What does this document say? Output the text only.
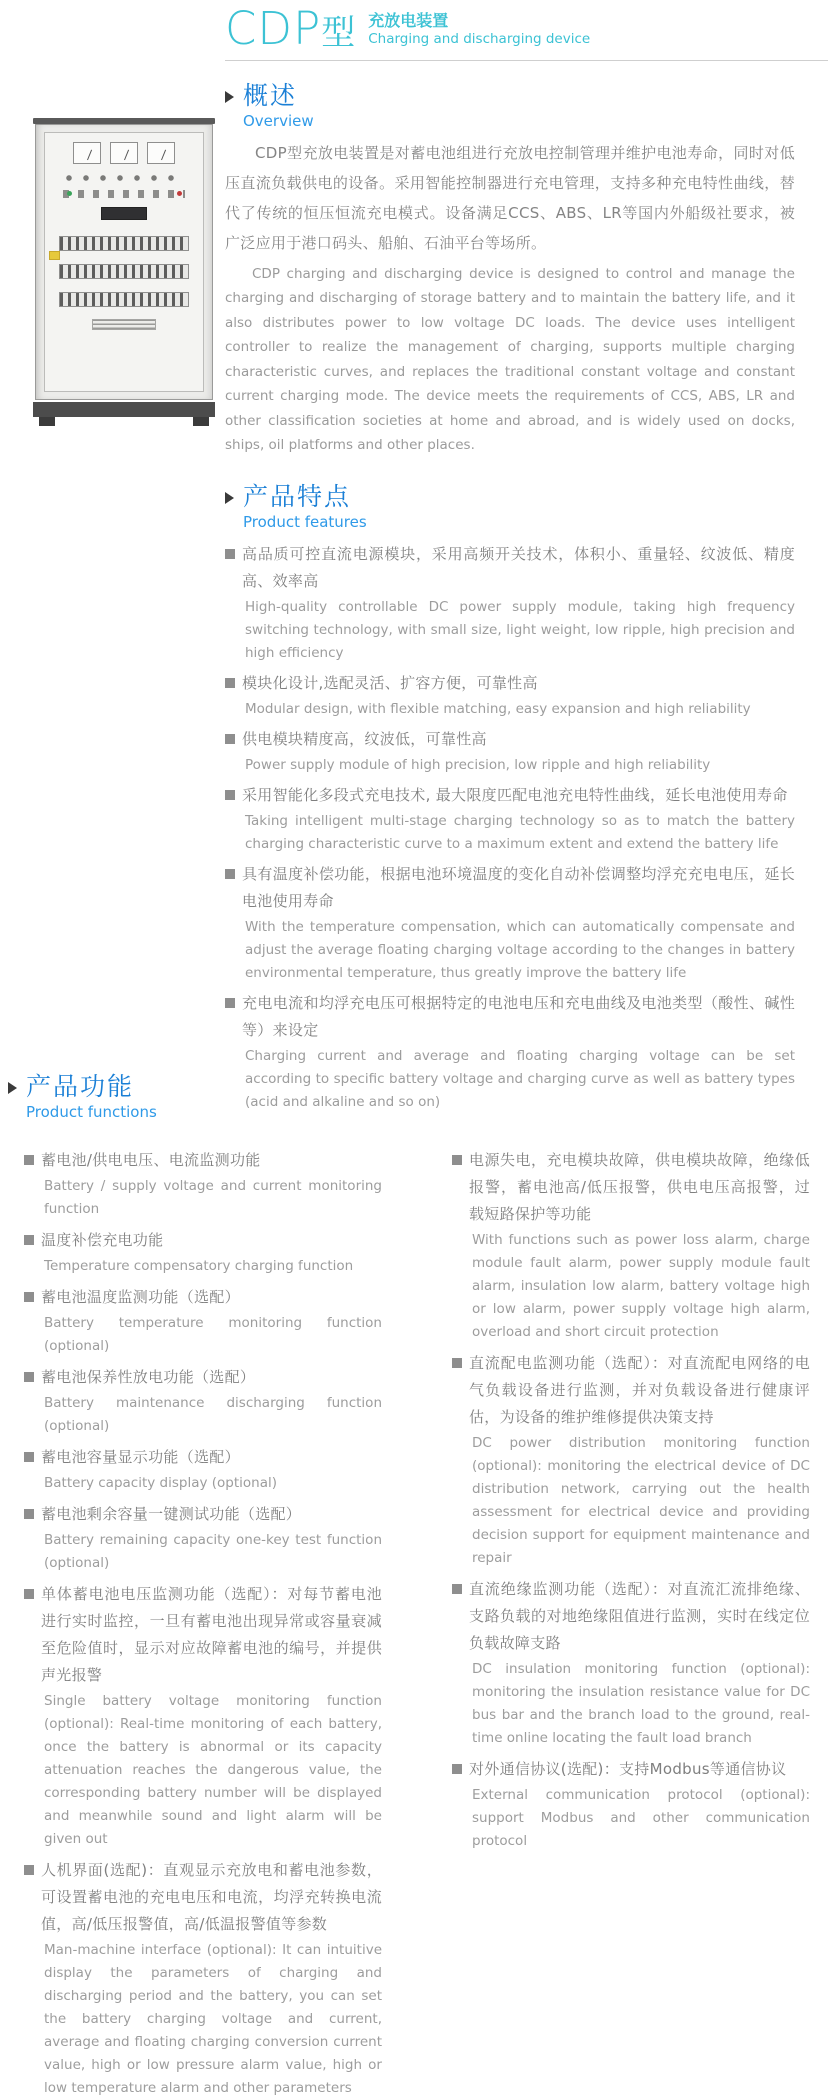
CDP型 充放电装置
Charging and discharging device
概述
Overview

CDP型充放电装置是对蓄电池组进行充放电控制管理并维护电池寿命，同时对低压直流负载供电的设备。采用智能控制器进行充电管理，支持多种充电特性曲线，替代了传统的恒压恒流充电模式。设备满足CCS、ABS、LR等国内外船级社要求，被广泛应用于港口码头、船舶、石油平台等场所。

CDP charging and discharging device is designed to control and manage the charging and discharging of storage battery and to maintain the battery life, and it also distributes power to low voltage DC loads. The device uses intelligent controller to realize the management of charging, supports multiple charging characteristic curves, and replaces the traditional constant voltage and constant current charging mode. The device meets the requirements of CCS, ABS, LR and other classification societies at home and abroad, and is widely used on docks, ships, oil platforms and other places.

产品特点
Product features

高品质可控直流电源模块，采用高频开关技术，体积小、重量轻、纹波低、精度高、效率高

High-quality controllable DC power supply module, taking high frequency switching technology, with small size, light weight, low ripple, high precision and high efficiency

模块化设计,选配灵活、扩容方便，可靠性高

Modular design, with flexible matching, easy expansion and high reliability

供电模块精度高，纹波低，可靠性高

Power supply module of high precision, low ripple and high reliability

采用智能化多段式充电技术, 最大限度匹配电池充电特性曲线，延长电池使用寿命

Taking intelligent multi-stage charging technology so as to match the battery charging characteristic curve to a maximum extent and extend the battery life

具有温度补偿功能，根据电池环境温度的变化自动补偿调整均浮充充电电压，延长电池使用寿命

With the temperature compensation, which can automatically compensate and adjust the average floating charging voltage according to the changes in battery environmental temperature, thus greatly improve the battery life

充电电流和均浮充电压可根据特定的电池电压和充电曲线及电池类型（酸性、碱性等）来设定

Charging current and average and floating charging voltage can be set according to specific battery voltage and charging curve as well as battery types (acid and alkaline and so on)

产品功能
Product functions

蓄电池/供电电压、电流监测功能

Battery / supply voltage and current monitoring function

温度补偿充电功能

Temperature compensatory charging function

蓄电池温度监测功能（选配）

Battery temperature monitoring function (optional)

蓄电池保养性放电功能（选配）

Battery maintenance discharging function (optional)

蓄电池容量显示功能（选配）

Battery capacity display (optional)

蓄电池剩余容量一键测试功能（选配）

Battery remaining capacity one-key test function (optional)

单体蓄电池电压监测功能（选配）：对每节蓄电池进行实时监控，一旦有蓄电池出现异常或容量衰减至危险值时，显示对应故障蓄电池的编号，并提供声光报警

Single battery voltage monitoring function (optional): Real-time monitoring of each battery, once the battery is abnormal or its capacity attenuation reaches the dangerous value, the corresponding battery number will be displayed and meanwhile sound and light alarm will be given out

人机界面(选配)：直观显示充放电和蓄电池参数，可设置蓄电池的充电电压和电流，均浮充转换电流值，高/低压报警值，高/低温报警值等参数

Man-machine interface (optional): It can intuitive display the parameters of charging and discharging period and the battery, you can set the battery charging voltage and current, average and floating charging conversion current value, high or low pressure alarm value, high or low temperature alarm and other parameters

电源失电，充电模块故障，供电模块故障，绝缘低报警，蓄电池高/低压报警，供电电压高报警，过载短路保护等功能

With functions such as power loss alarm, charge module fault alarm, power supply module fault alarm, insulation low alarm, battery voltage high or low alarm, power supply voltage high alarm, overload and short circuit protection

直流配电监测功能（选配）：对直流配电网络的电气负载设备进行监测，并对负载设备进行健康评估，为设备的维护维修提供决策支持

DC power distribution monitoring function (optional): monitoring the electrical device of DC distribution network, carrying out the health assessment for electrical device and providing decision support for equipment maintenance and repair

直流绝缘监测功能（选配）：对直流汇流排绝缘、支路负载的对地绝缘阻值进行监测，实时在线定位负载故障支路

DC insulation monitoring function (optional): monitoring the insulation resistance value for DC bus bar and the branch load to the ground, real-time online locating the fault load branch

对外通信协议(选配)：支持Modbus等通信协议

External communication protocol (optional): support Modbus and other communication protocol
